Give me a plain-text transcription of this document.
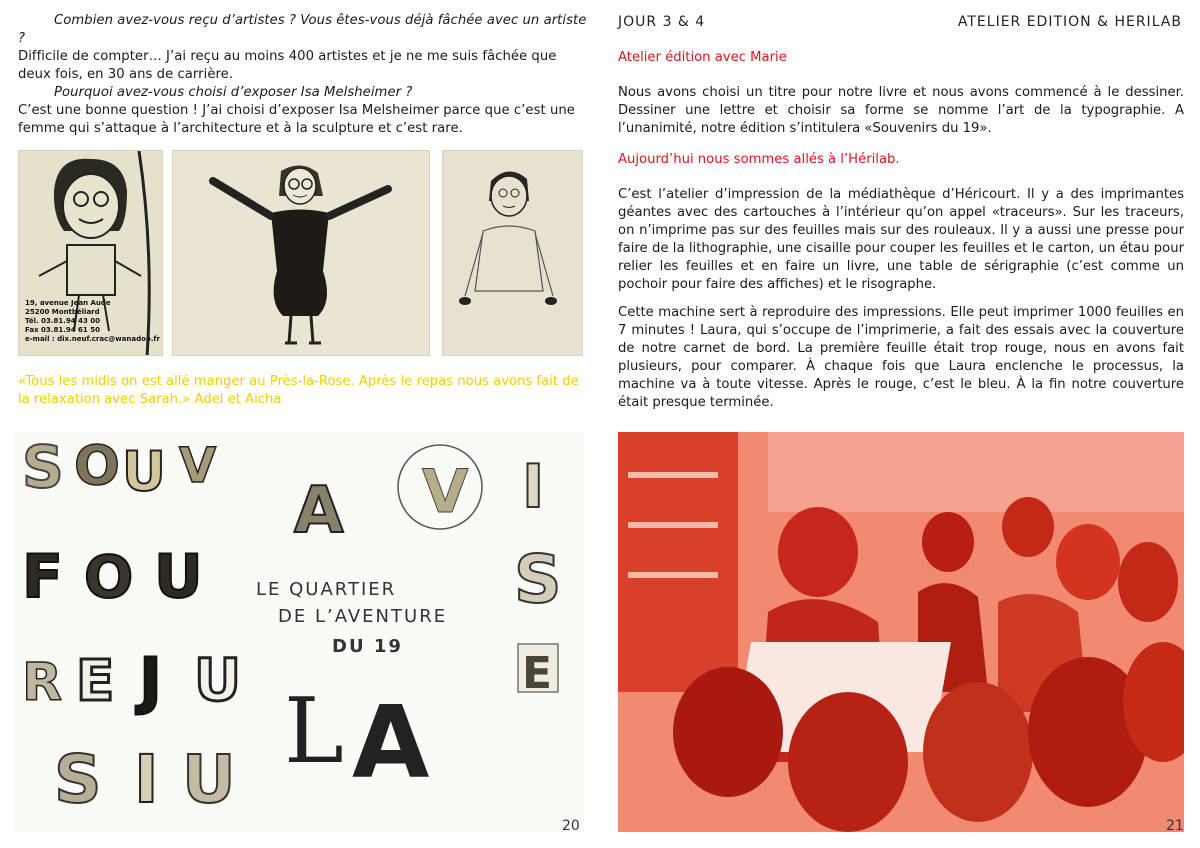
Combien avez-vous reçu d’artistes ? Vous êtes-vous déjà fâchée avec un artiste ?

Difficile de compter… J’ai reçu au moins 400 artistes et je ne me suis fâchée que deux fois, en 30 ans de carrière.

Pourquoi avez-vous choisi d’exposer Isa Melsheimer ?

C’est une bonne question ! J’ai choisi d’exposer Isa Melsheimer parce que c’est une femme qui s’attaque à l’architecture et à la sculpture et c’est rare.

19, avenue Jean Aude
25200 Montbéliard
Tél. 03.81.94 43 00
Fax 03.81.94 61 50
e-mail : dix.neuf.crac@wanadoo.fr
«Tous les midis on est allé manger au Près-la-Rose. Après le repas nous avons fait de la relaxation avec Sarah.» Adel et Aicha
S O U V
F O U
R E J U
S I U
A V I
S
E
L A
LE QUARTIER
DE L’AVENTURE
DU 19
20
JOUR 3 & 4	ATELIER EDITION & HERILAB
Atelier édition avec Marie

Nous avons choisi un titre pour notre livre et nous avons commencé à le dessiner. Dessiner une lettre et choisir sa forme se nomme l’art de la typographie. A l’unanimité, notre édition s’intitulera «Souvenirs du 19».

Aujourd’hui nous sommes allés à l’Hérilab.

C’est l’atelier d’impression de la médiathèque d’Héricourt. Il y a des imprimantes géantes avec des cartouches à l’intérieur qu’on appel «traceurs». Sur les traceurs, on n’imprime pas sur des feuilles mais sur des rouleaux. Il y a aussi une presse pour faire de la lithographie, une cisaille pour couper les feuilles et le carton, un étau pour relier les feuilles et en faire un livre, une table de sérigraphie (c’est comme un pochoir pour faire des affiches) et le risographe.

Cette machine sert à reproduire des impressions. Elle peut imprimer 1000 feuilles en 7 minutes ! Laura, qui s’occupe de l’imprimerie, a fait des essais avec la couverture de notre carnet de bord. La première feuille était trop rouge, nous en avons fait plusieurs, pour comparer. À chaque fois que Laura enclenche le processus, la machine va à toute vitesse. Après le rouge, c’est le bleu. À la fin notre couverture était presque terminée.

21
